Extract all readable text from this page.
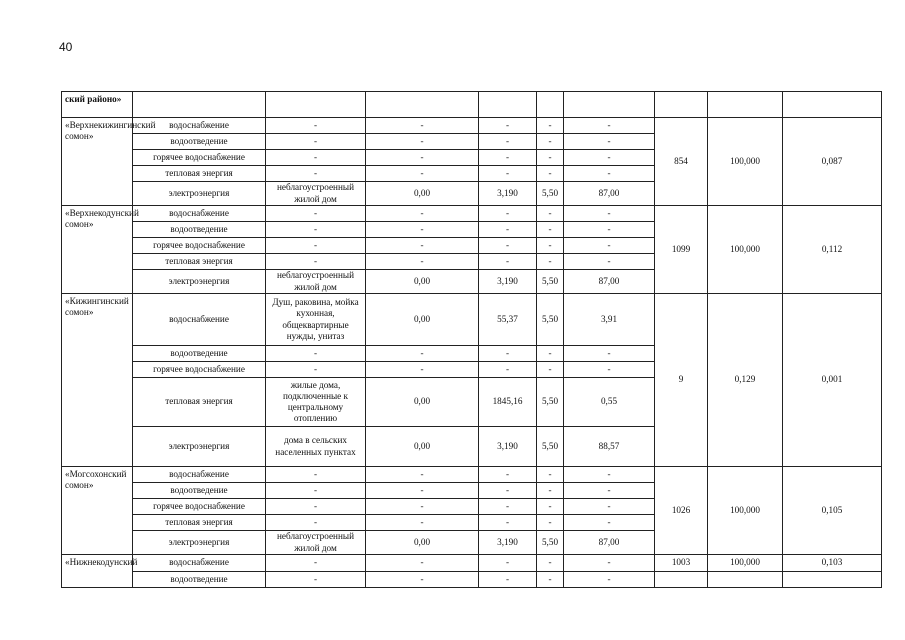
40
ский районо»									
«Верхнекижингинский сомон»	водоснабжение	-	-	-	-	-	854	100,000	0,087
	водоотведение	-	-	-	-	-			
	горячее водоснабжение	-	-	-	-	-			
	тепловая энергия	-	-	-	-	-			
	электроэнергия	неблагоустроенный жилой дом	0,00	3,190	5,50	87,00			
«Верхнекодунский сомон»	водоснабжение	-	-	-	-	-	1099	100,000	0,112
	водоотведение	-	-	-	-	-			
	горячее водоснабжение	-	-	-	-	-			
	тепловая энергия	-	-	-	-	-			
	электроэнергия	неблагоустроенный жилой дом	0,00	3,190	5,50	87,00			
«Кижингинский сомон»	водоснабжение	Душ, раковина, мойка кухонная, общеквартирные нужды, унитаз	0,00	55,37	5,50	3,91	9	0,129	0,001
	водоотведение	-	-	-	-	-			
	горячее водоснабжение	-	-	-	-	-			
	тепловая энергия	жилые дома, подключенные к центральному отоплению	0,00	1845,16	5,50	0,55			
	электроэнергия	дома в сельских населенных пунктах	0,00	3,190	5,50	88,57			
«Могсохонский сомон»	водоснабжение	-	-	-	-	-	1026	100,000	0,105
	водоотведение	-	-	-	-	-			
	горячее водоснабжение	-	-	-	-	-			
	тепловая энергия	-	-	-	-	-			
	электроэнергия	неблагоустроенный жилой дом	0,00	3,190	5,50	87,00			
«Нижнекодунский	водоснабжение	-	-	-	-	-	1003	100,000	0,103
	водоотведение	-	-	-	-	-			
